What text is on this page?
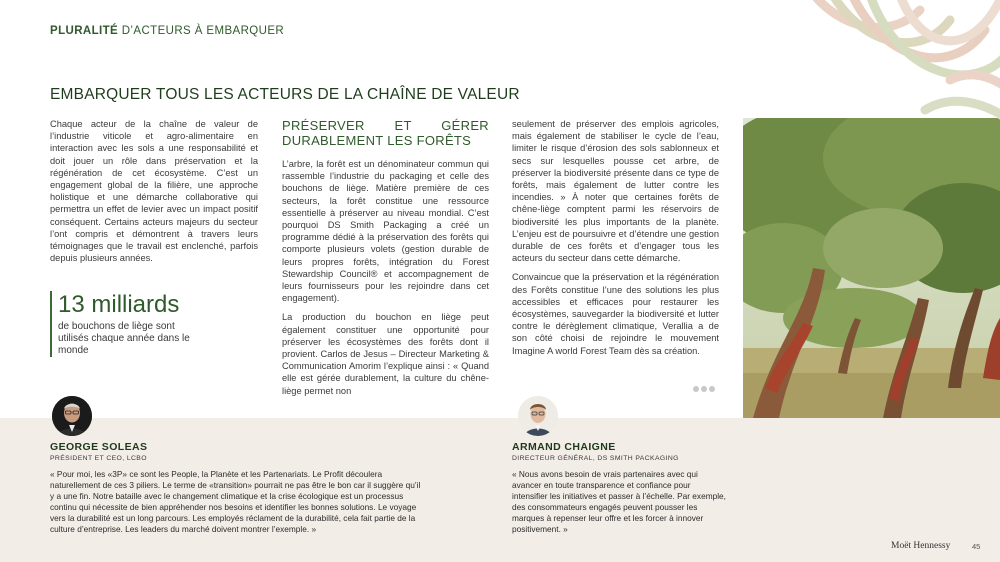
PLURALITÉ D’ACTEURS À EMBARQUER
EMBARQUER TOUS LES ACTEURS DE LA CHAÎNE DE VALEUR

Chaque acteur de la chaîne de valeur de l’industrie viticole et agro-alimentaire en interaction avec les sols a une responsabilité et doit jouer un rôle dans préservation et la régénération de cet écosystème. C’est un engagement global de la filière, une approche holistique et une démarche collaborative qui permettra un effet de levier avec un impact positif conséquent. Certains acteurs majeurs du secteur l’ont compris et démontrent à travers leurs témoignages que le travail est enclenché, parfois depuis plusieurs années.

13 milliards
de bouchons de liège sont utilisés chaque année dans le monde
PRÉSERVER ET GÉRER DURABLEMENT LES FORÊTS

L’arbre, la forêt est un dénominateur commun qui rassemble l’industrie du packaging et celle des bouchons de liège. Matière première de ces secteurs, la forêt constitue une ressource essentielle à préserver au niveau mondial. C’est pourquoi DS Smith Packaging a créé un programme dédié à la préservation des forêts qui comporte plusieurs volets (gestion durable de leurs propres forêts, intégration du Forest Stewardship Council® et accompagnement de leurs fournisseurs pour les rejoindre dans cet engagement).

La production du bouchon en liège peut également constituer une opportunité pour préserver les écosystèmes des forêts dont il provient. Carlos de Jesus – Directeur Marketing & Communication Amorim l’explique ainsi : « Quand elle est gérée durablement, la culture du chêne-liège permet non

seulement de préserver des emplois agricoles, mais également de stabiliser le cycle de l’eau, limiter le risque d’érosion des sols sablonneux et secs sur lesquelles pousse cet arbre, de préserver la biodiversité présente dans ce type de forêts, mais également de lutter contre les incendies. » À noter que certaines forêts de chêne-liège comptent parmi les réservoirs de biodiversité les plus importants de la planète. L’enjeu est de poursuivre et d’étendre une gestion durable de ces forêts et d’engager tous les acteurs du secteur dans cette démarche.

Convaincue que la préservation et la régénération des Forêts constitue l’une des solutions les plus accessibles et efficaces pour restaurer les écosystèmes, sauvegarder la biodiversité et lutter contre le dérèglement climatique, Verallia a de son côté choisi de rejoindre le mouvement Imagine A world Forest Team dès sa création.

GEORGE SOLEAS
PRÉSIDENT ET CEO, LCBO
« Pour moi, les «3P» ce sont les People, la Planète et les Partenariats. Le Profit découlera naturellement de ces 3 piliers. Le terme de «transition» pourrait ne pas être le bon car il suggère qu’il y a une fin. Notre bataille avec le changement climatique et la crise écologique est un processus continu qui nécessite de bien appréhender nos besoins et identifier les bonnes solutions. Le voyage vers la durabilité est un long parcours. Les employés réclament de la durabilité, cela fait partie de la culture d’entreprise. Les leaders du marché doivent montrer l’exemple. »
ARMAND CHAIGNE
DIRECTEUR GÉNÉRAL, DS SMITH PACKAGING
« Nous avons besoin de vrais partenaires avec qui avancer en toute transparence et confiance pour intensifier les initiatives et passer à l’échelle. Par exemple, des consommateurs engagés peuvent pousser les marques à repenser leur offre et les forcer à innover positivement. »
Moët Hennessy	45
